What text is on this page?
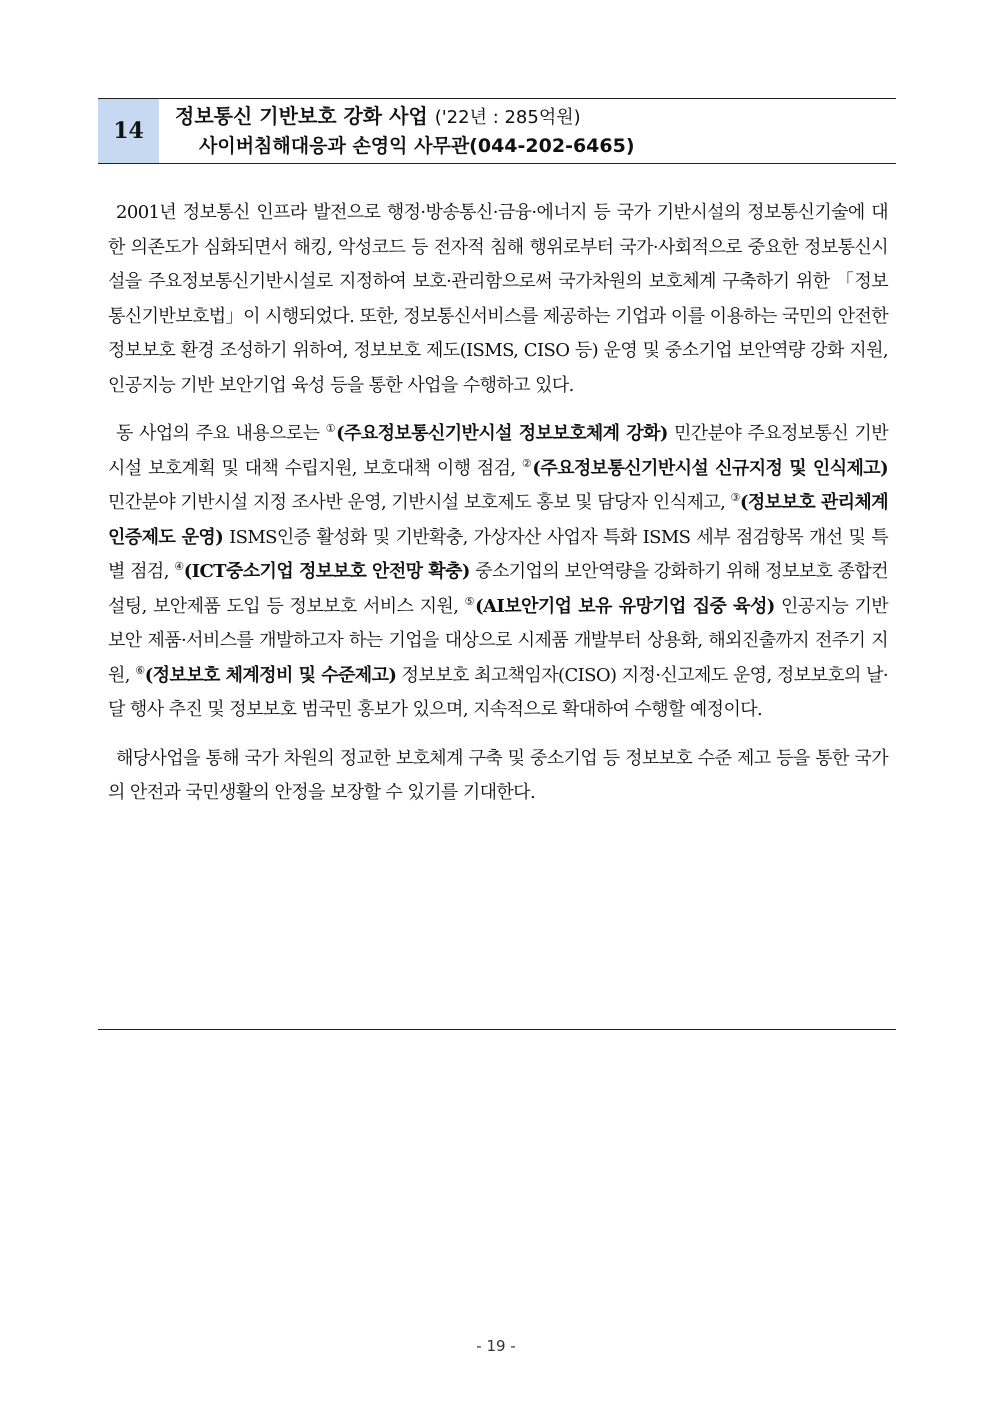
14
정보통신 기반보호 강화 사업 ('22년 : 285억원)
사이버침해대응과 손영익 사무관(044-202-6465)

2001년 정보통신 인프라 발전으로 행정·방송통신·금융·에너지 등 국가 기반시설의 정보통신기술에 대한 의존도가 심화되면서 해킹, 악성코드 등 전자적 침해 행위로부터 국가·사회적으로 중요한 정보통신시설을 주요정보통신기반시설로 지정하여 보호·관리함으로써 국가차원의 보호체계 구축하기 위한 「정보통신기반보호법」이 시행되었다. 또한, 정보통신서비스를 제공하는 기업과 이를 이용하는 국민의 안전한 정보보호 환경 조성하기 위하여, 정보보호 제도(ISMS, CISO 등) 운영 및 중소기업 보안역량 강화 지원, 인공지능 기반 보안기업 육성 등을 통한 사업을 수행하고 있다.

동 사업의 주요 내용으로는 ①(주요정보통신기반시설 정보보호체계 강화) 민간분야 주요정보통신 기반시설 보호계획 및 대책 수립지원, 보호대책 이행 점검, ②(주요정보통신기반시설 신규지정 및 인식제고) 민간분야 기반시설 지정 조사반 운영, 기반시설 보호제도 홍보 및 담당자 인식제고, ③(정보보호 관리체계 인증제도 운영) ISMS인증 활성화 및 기반확충, 가상자산 사업자 특화 ISMS 세부 점검항목 개선 및 특별 점검, ④(ICT중소기업 정보보호 안전망 확충) 중소기업의 보안역량을 강화하기 위해 정보보호 종합컨설팅, 보안제품 도입 등 정보보호 서비스 지원, ⑤(AI보안기업 보유 유망기업 집중 육성) 인공지능 기반 보안 제품·서비스를 개발하고자 하는 기업을 대상으로 시제품 개발부터 상용화, 해외진출까지 전주기 지원, ⑥(정보보호 체계정비 및 수준제고) 정보보호 최고책임자(CISO) 지정·신고제도 운영, 정보보호의 날·달 행사 추진 및 정보보호 범국민 홍보가 있으며, 지속적으로 확대하여 수행할 예정이다.

해당사업을 통해 국가 차원의 정교한 보호체계 구축 및 중소기업 등 정보보호 수준 제고 등을 통한 국가의 안전과 국민생활의 안정을 보장할 수 있기를 기대한다.

- 19 -
